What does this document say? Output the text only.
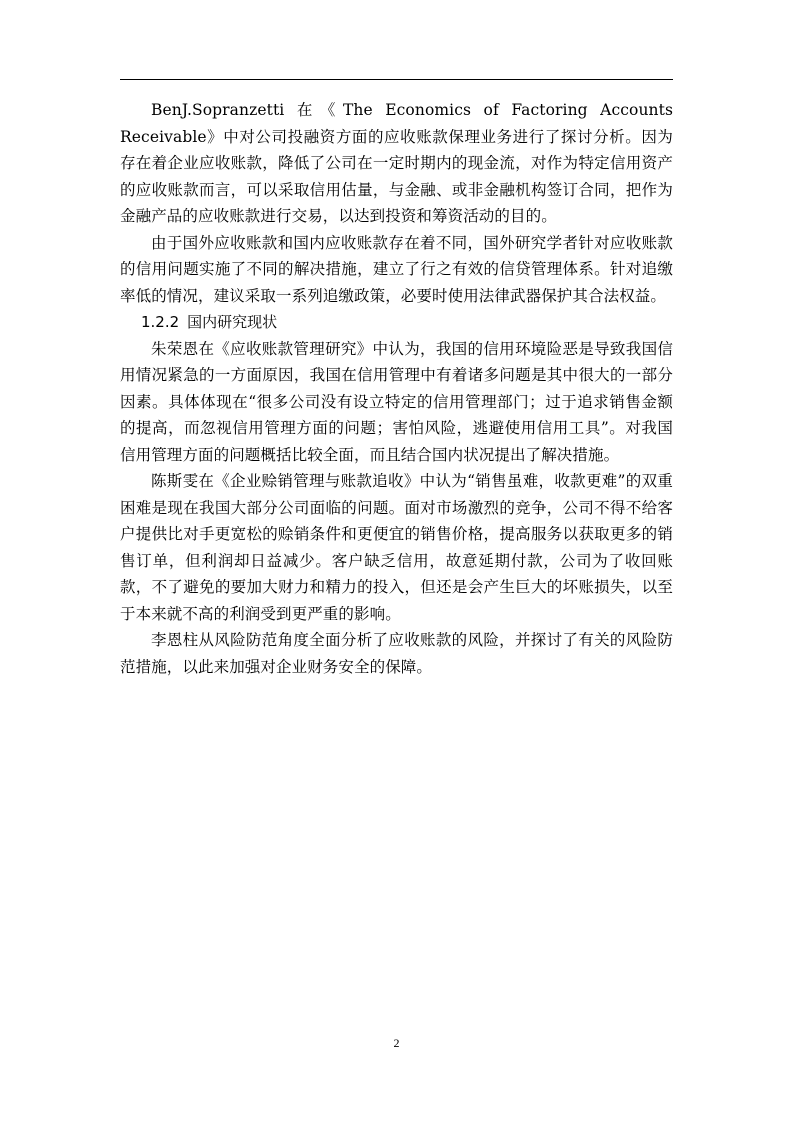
BenJ.Sopranzetti 在《The Economics of Factoring Accounts Receivable》中对公司投融资方面的应收账款保理业务进行了探讨分析。因为存在着企业应收账款，降低了公司在一定时期内的现金流，对作为特定信用资产的应收账款而言，可以采取信用估量，与金融、或非金融机构签订合同，把作为金融产品的应收账款进行交易，以达到投资和筹资活动的目的。

由于国外应收账款和国内应收账款存在着不同，国外研究学者针对应收账款的信用问题实施了不同的解决措施，建立了行之有效的信贷管理体系。针对追缴率低的情况，建议采取一系列追缴政策，必要时使用法律武器保护其合法权益。

1.2.2 国内研究现状

朱荣恩在《应收账款管理研究》中认为，我国的信用环境险恶是导致我国信用情况紧急的一方面原因，我国在信用管理中有着诸多问题是其中很大的一部分因素。具体体现在“很多公司没有设立特定的信用管理部门；过于追求销售金额的提高，而忽视信用管理方面的问题；害怕风险，逃避使用信用工具”。对我国信用管理方面的问题概括比较全面，而且结合国内状况提出了解决措施。

陈斯雯在《企业赊销管理与账款追收》中认为“销售虽难，收款更难”的双重困难是现在我国大部分公司面临的问题。面对市场激烈的竞争，公司不得不给客户提供比对手更宽松的赊销条件和更便宜的销售价格，提高服务以获取更多的销售订单，但利润却日益减少。客户缺乏信用，故意延期付款，公司为了收回账款，不了避免的要加大财力和精力的投入，但还是会产生巨大的坏账损失，以至于本来就不高的利润受到更严重的影响。

李恩柱从风险防范角度全面分析了应收账款的风险，并探讨了有关的风险防范措施，以此来加强对企业财务安全的保障。

2
